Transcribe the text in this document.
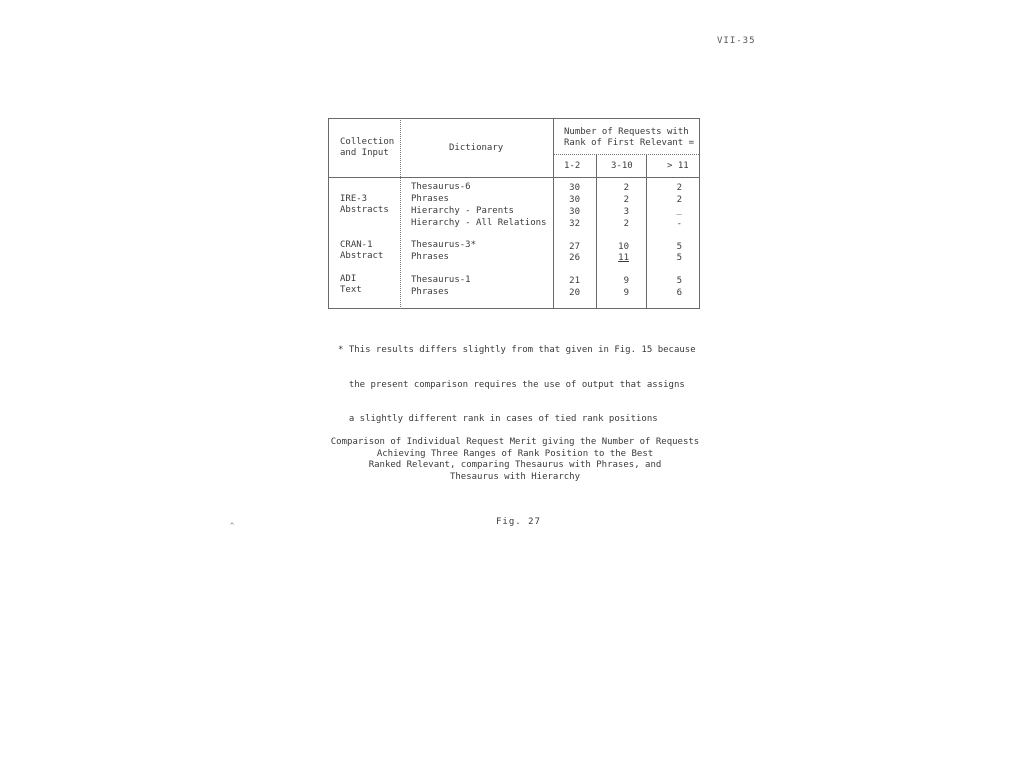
VII-35
Collection
and Input	Dictionary
Number of Requests with
Rank of First Relevant =
1-2	3-10	> 11
IRE-3
Abstracts
Thesaurus-6	30	2	2
Phrases	30	2	2
Hierarchy - Parents	30	3	_
Hierarchy - All Relations	32	2	-
CRAN-1
Abstract
Thesaurus-3*	27	10	5
Phrases	26	11	5
ADI
Text
Thesaurus-1	21	9	5
Phrases	20	9	6

* This results differs slightly from that given in Fig. 15 because

the present comparison requires the use of output that assigns

a slightly different rank in cases of tied rank positions

Comparison of Individual Request Merit giving the Number of Requests
Achieving Three Ranges of Rank Position to the Best
Ranked Relevant, comparing Thesaurus with Phrases, and
Thesaurus with Hierarchy
Fig. 27
^
